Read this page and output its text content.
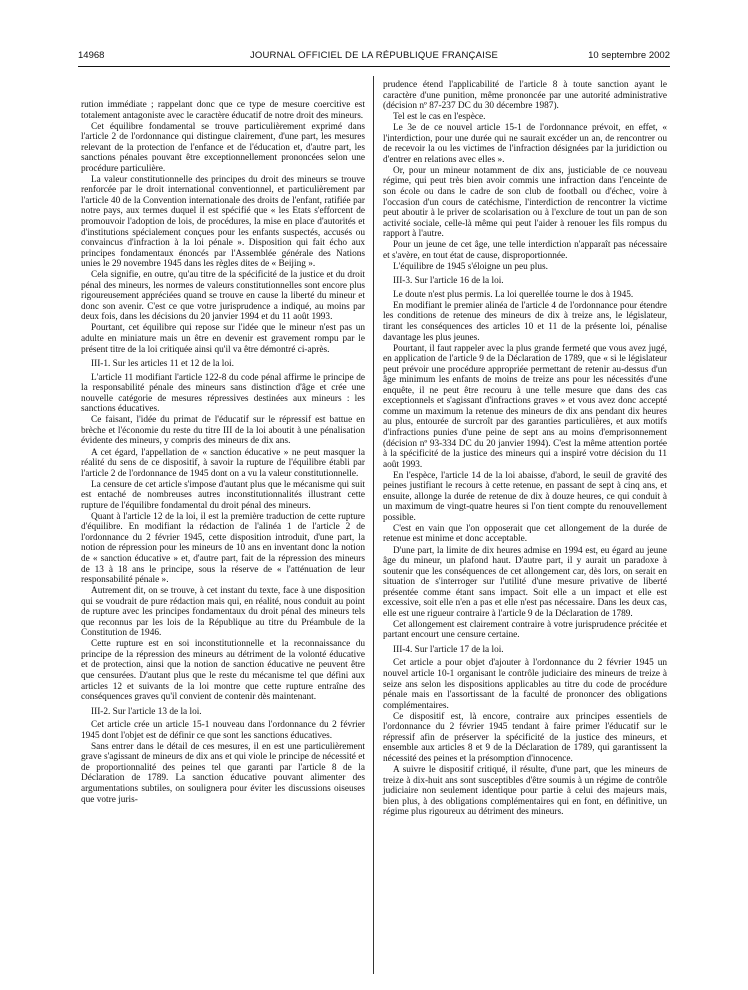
JOURNAL OFFICIEL DE LA RÉPUBLIQUE FRANÇAISE
14968	10 septembre 2002

rution immédiate ; rappelant donc que ce type de mesure coercitive est totalement antagoniste avec le caractère éducatif de notre droit des mineurs.

Cet équilibre fondamental se trouve particulièrement exprimé dans l'article 2 de l'ordonnance qui distingue clairement, d'une part, les mesures relevant de la protection de l'enfance et de l'éducation et, d'autre part, les sanctions pénales pouvant être exceptionnellement prononcées selon une procédure particulière.

La valeur constitutionnelle des principes du droit des mineurs se trouve renforcée par le droit international conventionnel, et particulièrement par l'article 40 de la Convention internationale des droits de l'enfant, ratifiée par notre pays, aux termes duquel il est spécifié que « les Etats s'efforcent de promouvoir l'adoption de lois, de procédures, la mise en place d'autorités et d'institutions spécialement conçues pour les enfants suspectés, accusés ou convaincus d'infraction à la loi pénale ». Disposition qui fait écho aux principes fondamentaux énoncés par l'Assemblée générale des Nations unies le 29 novembre 1945 dans les règles dites de « Beijing ».

Cela signifie, en outre, qu'au titre de la spécificité de la justice et du droit pénal des mineurs, les normes de valeurs constitutionnelles sont encore plus rigoureusement appréciées quand se trouve en cause la liberté du mineur et donc son avenir. C'est ce que votre jurisprudence a indiqué, au moins par deux fois, dans les décisions du 20 janvier 1994 et du 11 août 1993.

Pourtant, cet équilibre qui repose sur l'idée que le mineur n'est pas un adulte en miniature mais un être en devenir est gravement rompu par le présent titre de la loi critiquée ainsi qu'il va être démontré ci-après.

III-1. Sur les articles 11 et 12 de la loi.

L'article 11 modifiant l'article 122-8 du code pénal affirme le principe de la responsabilité pénale des mineurs sans distinction d'âge et crée une nouvelle catégorie de mesures répressives destinées aux mineurs : les sanctions éducatives.

Ce faisant, l'idée du primat de l'éducatif sur le répressif est battue en brèche et l'économie du reste du titre III de la loi aboutit à une pénalisation évidente des mineurs, y compris des mineurs de dix ans.

A cet égard, l'appellation de « sanction éducative » ne peut masquer la réalité du sens de ce dispositif, à savoir la rupture de l'équilibre établi par l'article 2 de l'ordonnance de 1945 dont on a vu la valeur constitutionnelle.

La censure de cet article s'impose d'autant plus que le mécanisme qui suit est entaché de nombreuses autres inconstitutionnalités illustrant cette rupture de l'équilibre fondamental du droit pénal des mineurs.

Quant à l'article 12 de la loi, il est la première traduction de cette rupture d'équilibre. En modifiant la rédaction de l'alinéa 1 de l'article 2 de l'ordonnance du 2 février 1945, cette disposition introduit, d'une part, la notion de répression pour les mineurs de 10 ans en inventant donc la notion de « sanction éducative » et, d'autre part, fait de la répression des mineurs de 13 à 18 ans le principe, sous la réserve de « l'atténuation de leur responsabilité pénale ».

Autrement dit, on se trouve, à cet instant du texte, face à une disposition qui se voudrait de pure rédaction mais qui, en réalité, nous conduit au point de rupture avec les principes fondamentaux du droit pénal des mineurs tels que reconnus par les lois de la République au titre du Préambule de la Constitution de 1946.

Cette rupture est en soi inconstitutionnelle et la reconnaissance du principe de la répression des mineurs au détriment de la volonté éducative et de protection, ainsi que la notion de sanction éducative ne peuvent être que censurées. D'autant plus que le reste du mécanisme tel que défini aux articles 12 et suivants de la loi montre que cette rupture entraîne des conséquences graves qu'il convient de contenir dès maintenant.

III-2. Sur l'article 13 de la loi.

Cet article crée un article 15-1 nouveau dans l'ordonnance du 2 février 1945 dont l'objet est de définir ce que sont les sanctions éducatives.

Sans entrer dans le détail de ces mesures, il en est une particulièrement grave s'agissant de mineurs de dix ans et qui viole le principe de nécessité et de proportionnalité des peines tel que garanti par l'article 8 de la Déclaration de 1789. La sanction éducative pouvant alimenter des argumentations subtiles, on soulignera pour éviter les discussions oiseuses que votre juris-

prudence étend l'applicabilité de l'article 8 à toute sanction ayant le caractère d'une punition, même prononcée par une autorité administrative (décision nº 87-237 DC du 30 décembre 1987).

Tel est le cas en l'espèce.

Le 3e de ce nouvel article 15-1 de l'ordonnance prévoit, en effet, « l'interdiction, pour une durée qui ne saurait excéder un an, de rencontrer ou de recevoir la ou les victimes de l'infraction désignées par la juridiction ou d'entrer en relations avec elles ».

Or, pour un mineur notamment de dix ans, justiciable de ce nouveau régime, qui peut très bien avoir commis une infraction dans l'enceinte de son école ou dans le cadre de son club de football ou d'échec, voire à l'occasion d'un cours de catéchisme, l'interdiction de rencontrer la victime peut aboutir à le priver de scolarisation ou à l'exclure de tout un pan de son activité sociale, celle-là même qui peut l'aider à renouer les fils rompus du rapport à l'autre.

Pour un jeune de cet âge, une telle interdiction n'apparaît pas nécessaire et s'avère, en tout état de cause, disproportionnée.

L'équilibre de 1945 s'éloigne un peu plus.

III-3. Sur l'article 16 de la loi.

Le doute n'est plus permis. La loi querellée tourne le dos à 1945.

En modifiant le premier alinéa de l'article 4 de l'ordonnance pour étendre les conditions de retenue des mineurs de dix à treize ans, le législateur, tirant les conséquences des articles 10 et 11 de la présente loi, pénalise davantage les plus jeunes.

Pourtant, il faut rappeler avec la plus grande fermeté que vous avez jugé, en application de l'article 9 de la Déclaration de 1789, que « si le législateur peut prévoir une procédure appropriée permettant de retenir au-dessus d'un âge minimum les enfants de moins de treize ans pour les nécessités d'une enquête, il ne peut être recouru à une telle mesure que dans des cas exceptionnels et s'agissant d'infractions graves » et vous avez donc accepté comme un maximum la retenue des mineurs de dix ans pendant dix heures au plus, entourée de surcroît par des garanties particulières, et aux motifs d'infractions punies d'une peine de sept ans au moins d'emprisonnement (décision nº 93-334 DC du 20 janvier 1994). C'est la même attention portée à la spécificité de la justice des mineurs qui a inspiré votre décision du 11 août 1993.

En l'espèce, l'article 14 de la loi abaisse, d'abord, le seuil de gravité des peines justifiant le recours à cette retenue, en passant de sept à cinq ans, et ensuite, allonge la durée de retenue de dix à douze heures, ce qui conduit à un maximum de vingt-quatre heures si l'on tient compte du renouvellement possible.

C'est en vain que l'on opposerait que cet allongement de la durée de retenue est minime et donc acceptable.

D'une part, la limite de dix heures admise en 1994 est, eu égard au jeune âge du mineur, un plafond haut. D'autre part, il y aurait un paradoxe à soutenir que les conséquences de cet allongement car, dès lors, on serait en situation de s'interroger sur l'utilité d'une mesure privative de liberté présentée comme étant sans impact. Soit elle a un impact et elle est excessive, soit elle n'en a pas et elle n'est pas nécessaire. Dans les deux cas, elle est une rigueur contraire à l'article 9 de la Déclaration de 1789.

Cet allongement est clairement contraire à votre jurisprudence précitée et partant encourt une censure certaine.

III-4. Sur l'article 17 de la loi.

Cet article a pour objet d'ajouter à l'ordonnance du 2 février 1945 un nouvel article 10-1 organisant le contrôle judiciaire des mineurs de treize à seize ans selon les dispositions applicables au titre du code de procédure pénale mais en l'assortissant de la faculté de prononcer des obligations complémentaires.

Ce dispositif est, là encore, contraire aux principes essentiels de l'ordonnance du 2 février 1945 tendant à faire primer l'éducatif sur le répressif afin de préserver la spécificité de la justice des mineurs, et ensemble aux articles 8 et 9 de la Déclaration de 1789, qui garantissent la nécessité des peines et la présomption d'innocence.

A suivre le dispositif critiqué, il résulte, d'une part, que les mineurs de treize à dix-huit ans sont susceptibles d'être soumis à un régime de contrôle judiciaire non seulement identique pour partie à celui des majeurs mais, bien plus, à des obligations complémentaires qui en font, en définitive, un régime plus rigoureux au détriment des mineurs.
